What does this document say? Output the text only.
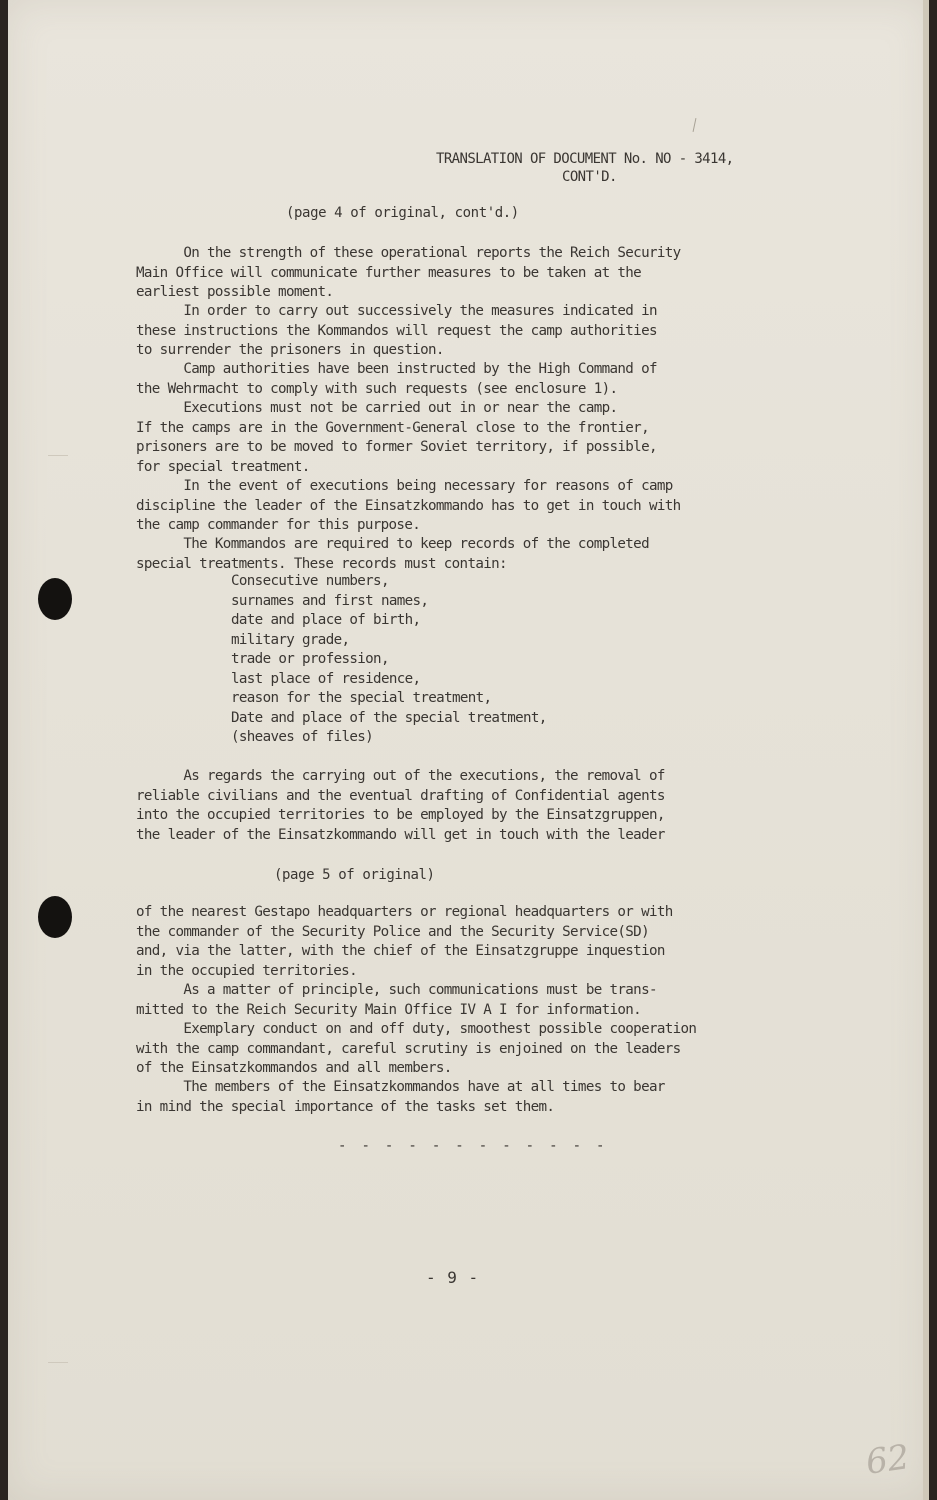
TRANSLATION OF DOCUMENT No. NO - 3414,
CONT'D.
(page 4 of original, cont'd.)
On the strength of these operational reports the Reich Security
Main Office will communicate further measures to be taken at the
earliest possible moment.
In order to carry out successively the measures indicated in
these instructions the Kommandos will request the camp authorities
to surrender the prisoners in question.
Camp authorities have been instructed by the High Command of
the Wehrmacht to comply with such requests (see enclosure 1).
Executions must not be carried out in or near the camp.
If the camps are in the Government-General close to the frontier,
prisoners are to be moved to former Soviet territory, if possible,
for special treatment.
In the event of executions being necessary for reasons of camp
discipline the leader of the Einsatzkommando has to get in touch with
the camp commander for this purpose.
The Kommandos are required to keep records of the completed
special treatments. These records must contain:
Consecutive numbers,
surnames and first names,
date and place of birth,
military grade,
trade or profession,
last place of residence,
reason for the special treatment,
Date and place of the special treatment,
(sheaves of files)
As regards the carrying out of the executions, the removal of
reliable civilians and the eventual drafting of Confidential agents
into the occupied territories to be employed by the Einsatzgruppen,
the leader of the Einsatzkommando will get in touch with the leader
(page 5 of original)
of the nearest Gestapo headquarters or regional headquarters or with
the commander of the Security Police and the Security Service(SD)
and, via the latter, with the chief of the Einsatzgruppe inquestion
in the occupied territories.
As a matter of principle, such communications must be trans-
mitted to the Reich Security Main Office IV A I for information.
Exemplary conduct on and off duty, smoothest possible cooperation
with the camp commandant, careful scrutiny is enjoined on the leaders
of the Einsatzkommandos and all members.
The members of the Einsatzkommandos have at all times to bear
in mind the special importance of the tasks set them.
- - - - - - - - - - - -
- 9 -
62
